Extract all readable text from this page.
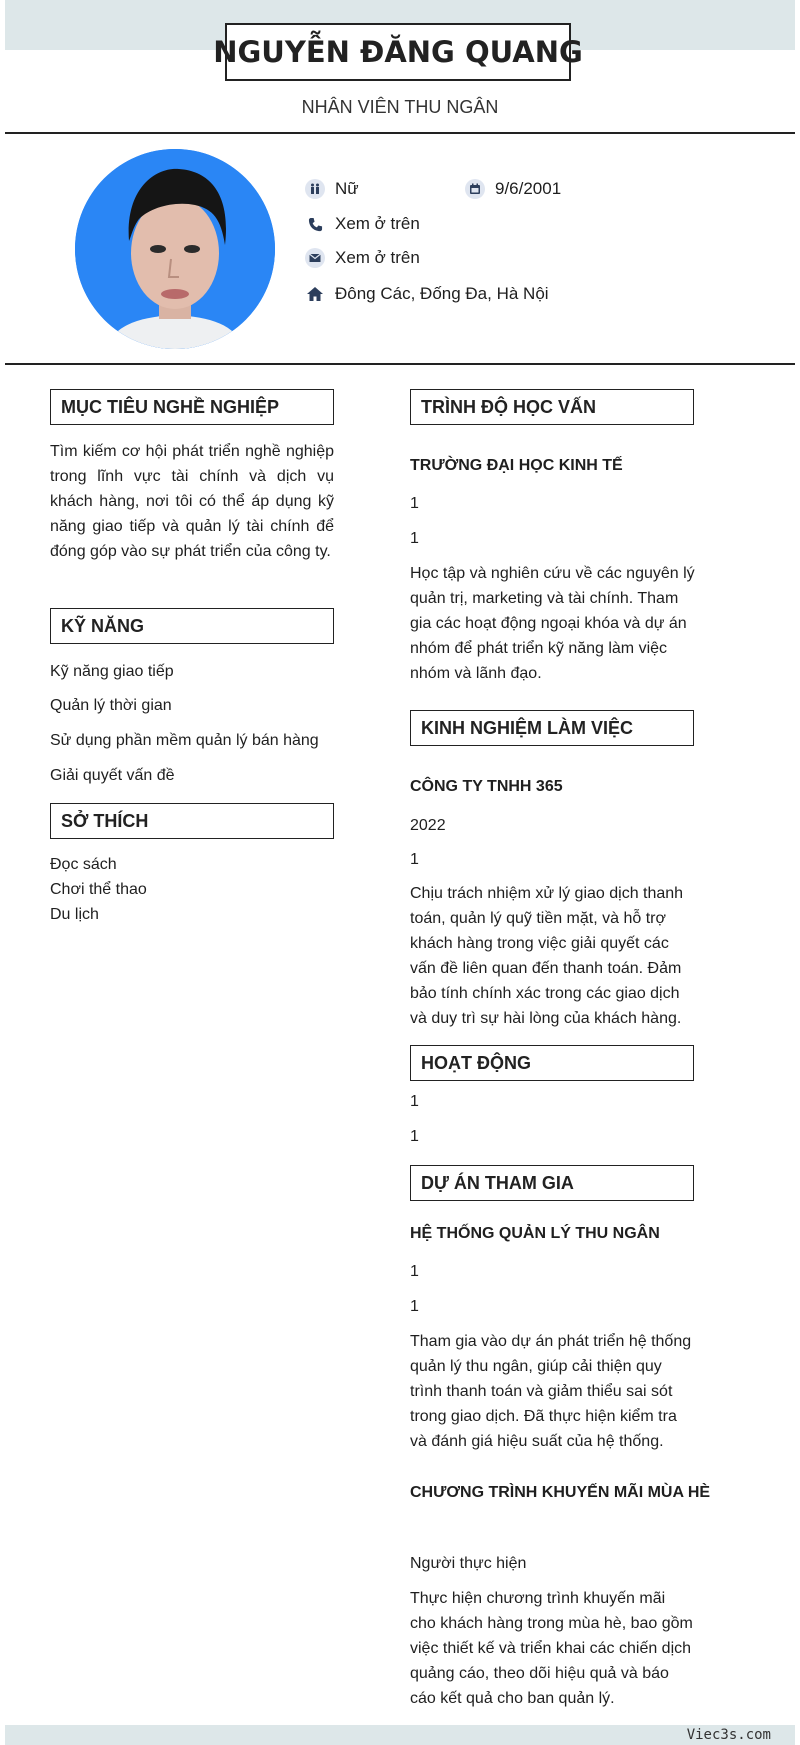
NGUYỄN ĐĂNG QUANG
NHÂN VIÊN THU NGÂN
Nữ	9/6/2001
Xem ở trên
Xem ở trên
Đông Các, Đống Đa, Hà Nội
MỤC TIÊU NGHỀ NGHIỆP
Tìm kiếm cơ hội phát triển nghề nghiệp trong lĩnh vực tài chính và dịch vụ khách hàng, nơi tôi có thể áp dụng kỹ năng giao tiếp và quản lý tài chính để đóng góp vào sự phát triển của công ty.
KỸ NĂNG
Kỹ năng giao tiếp
Quản lý thời gian
Sử dụng phần mềm quản lý bán hàng
Giải quyết vấn đề
SỞ THÍCH
Đọc sách
Chơi thể thao
Du lịch
TRÌNH ĐỘ HỌC VẤN
TRƯỜNG ĐẠI HỌC KINH TẾ
1
1
Học tập và nghiên cứu về các nguyên lý quản trị, marketing và tài chính. Tham gia các hoạt động ngoại khóa và dự án nhóm để phát triển kỹ năng làm việc nhóm và lãnh đạo.
KINH NGHIỆM LÀM VIỆC
CÔNG TY TNHH 365
2022
1
Chịu trách nhiệm xử lý giao dịch thanh toán, quản lý quỹ tiền mặt, và hỗ trợ khách hàng trong việc giải quyết các vấn đề liên quan đến thanh toán. Đảm bảo tính chính xác trong các giao dịch và duy trì sự hài lòng của khách hàng.
HOẠT ĐỘNG
1
1
DỰ ÁN THAM GIA
HỆ THỐNG QUẢN LÝ THU NGÂN
1
1
Tham gia vào dự án phát triển hệ thống quản lý thu ngân, giúp cải thiện quy trình thanh toán và giảm thiểu sai sót trong giao dịch. Đã thực hiện kiểm tra và đánh giá hiệu suất của hệ thống.
CHƯƠNG TRÌNH KHUYẾN MÃI MÙA HÈ
Người thực hiện
Thực hiện chương trình khuyến mãi cho khách hàng trong mùa hè, bao gồm việc thiết kế và triển khai các chiến dịch quảng cáo, theo dõi hiệu quả và báo cáo kết quả cho ban quản lý.
Viec3s.com
